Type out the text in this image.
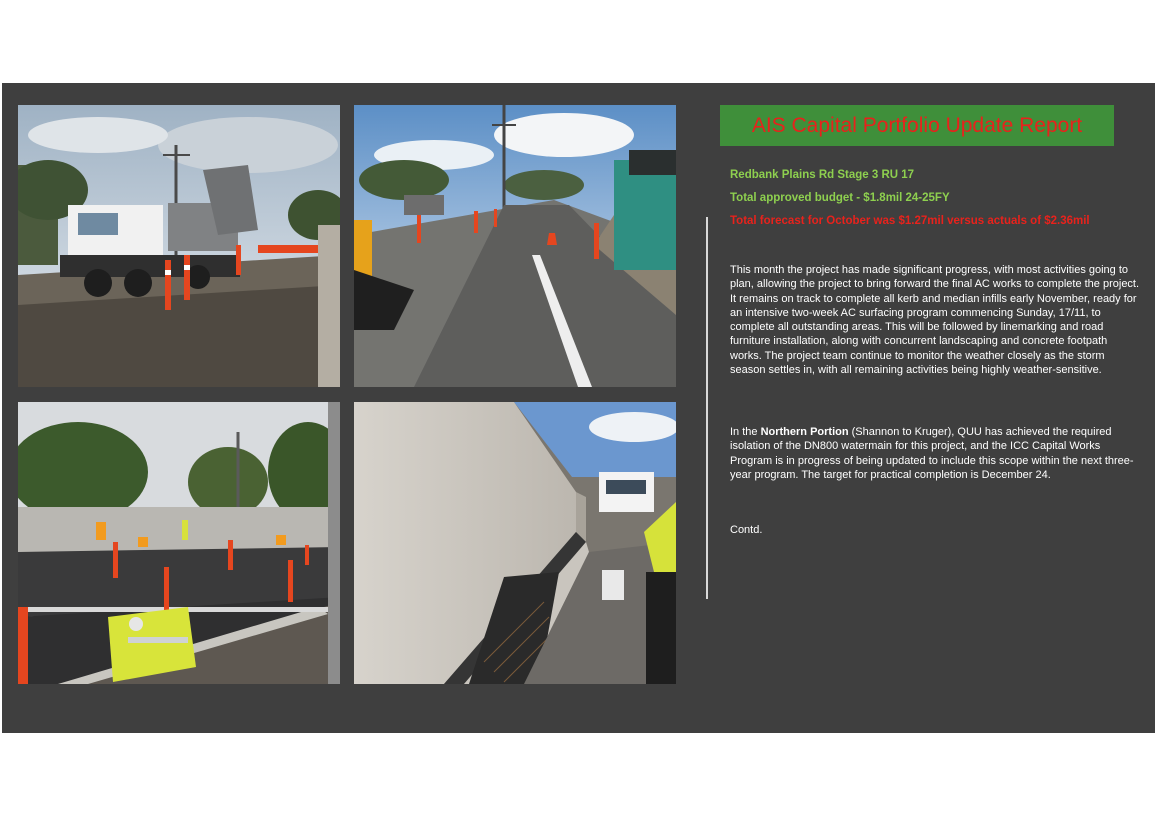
AIS Capital Portfolio Update Report
Redbank Plains Rd Stage 3 RU 17
Total approved budget - $1.8mil 24-25FY
Total forecast for October was $1.27mil versus actuals of $2.36mil

This month the project has made significant progress, with most activities going to plan, allowing the project to bring forward the final AC works to complete the project. It remains on track to complete all kerb and median infills early November, ready for an intensive two-week AC surfacing program commencing Sunday, 17/11, to complete all outstanding areas. This will be followed by linemarking and road furniture installation, along with concurrent landscaping and concrete footpath works. The project team continue to monitor the weather closely as the storm season settles in, with all remaining activities being highly weather-sensitive.

In the Northern Portion (Shannon to Kruger), QUU has achieved the required isolation of the DN800 watermain for this project, and the ICC Capital Works Program is in progress of being updated to include this scope within the next three-year program. The target for practical completion is December 24.

Contd.
